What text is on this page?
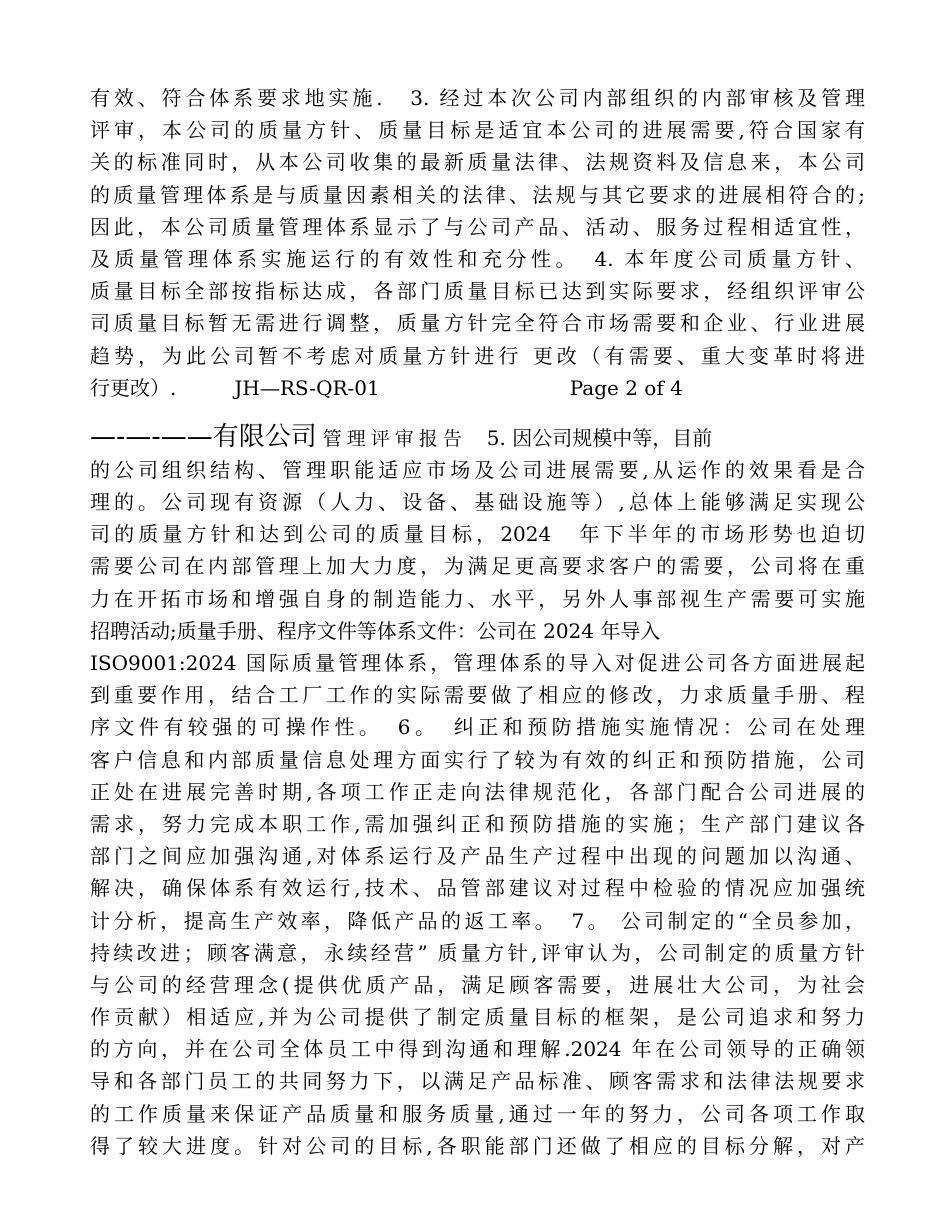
有效、符合体系要求地实施.　3. 经过本次公司内部组织的内部审核及管理
评审，本公司的质量方针、质量目标是适宜本公司的进展需要,符合国家有
关的标准同时，从本公司收集的最新质量法律、法规资料及信息来，本公司
的质量管理体系是与质量因素相关的法律、法规与其它要求的进展相符合的;
因此，本公司质量管理体系显示了与公司产品、活动、服务过程相适宜性，
及质量管理体系实施运行的有效性和充分性。　4. 本年度公司质量方针、
质量目标全部按指标达成，各部门质量目标已达到实际要求，经组织评审公
司质量目标暂无需进行调整，质量方针完全符合市场需要和企业、行业进展
趋势，为此公司暂不考虑对质量方针进行 更改（有需要、重大变革时将进
行更改）.	JH—RS-QR-01	Page 2 of 4
—-—-——有限公司 管理评审报告　5. 因公司规模中等，目前
的公司组织结构、管理职能适应市场及公司进展需要,从运作的效果看是合
理的。公司现有资源（人力、设备、基础设施等）,总体上能够满足实现公
司的质量方针和达到公司的质量目标，2024　年下半年的市场形势也迫切
需要公司在内部管理上加大力度，为满足更高要求客户的需要，公司将在重
力在开拓市场和增强自身的制造能力、水平，另外人事部视生产需要可实施
招聘活动;质量手册、程序文件等体系文件：公司在 2024 年导入
ISO9001:2024 国际质量管理体系，管理体系的导入对促进公司各方面进展起
到重要作用，结合工厂工作的实际需要做了相应的修改，力求质量手册、程
序文件有较强的可操作性。　6。　纠正和预防措施实施情况：公司在处理
客户信息和内部质量信息处理方面实行了较为有效的纠正和预防措施，公司
正处在进展完善时期,各项工作正走向法律规范化，各部门配合公司进展的
需求，努力完成本职工作,需加强纠正和预防措施的实施；生产部门建议各
部门之间应加强沟通,对体系运行及产品生产过程中出现的问题加以沟通、
解决，确保体系有效运行,技术、品管部建议对过程中检验的情况应加强统
计分析，提高生产效率，降低产品的返工率。　7。 公司制定的“全员参加，
持续改进；顾客满意，永续经营” 质量方针,评审认为，公司制定的质量方针
与公司的经营理念(提供优质产品，满足顾客需要，进展壮大公司，为社会
作贡献）相适应,并为公司提供了制定质量目标的框架，是公司追求和努力
的方向，并在公司全体员工中得到沟通和理解.2024 年在公司领导的正确领
导和各部门员工的共同努力下，以满足产品标准、顾客需求和法律法规要求
的工作质量来保证产品质量和服务质量,通过一年的努力，公司各项工作取
得了较大进度。针对公司的目标,各职能部门还做了相应的目标分解，对产
